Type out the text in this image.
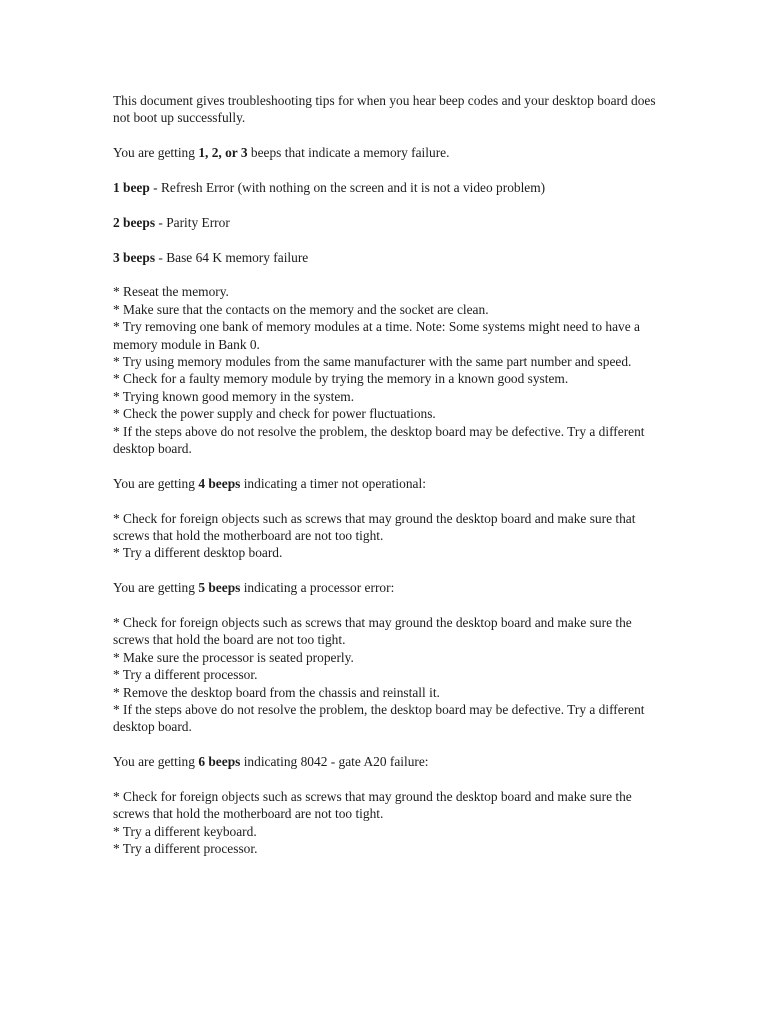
This document gives troubleshooting tips for when you hear beep codes and your desktop board does not boot up successfully.

You are getting 1, 2, or 3 beeps that indicate a memory failure.

1 beep - Refresh Error (with nothing on the screen and it is not a video problem)

2 beeps - Parity Error

3 beeps - Base 64 K memory failure

* Reseat the memory.
* Make sure that the contacts on the memory and the socket are clean.
* Try removing one bank of memory modules at a time. Note: Some systems might need to have a memory module in Bank 0.
* Try using memory modules from the same manufacturer with the same part number and speed.
* Check for a faulty memory module by trying the memory in a known good system.
* Trying known good memory in the system.
* Check the power supply and check for power fluctuations.
* If the steps above do not resolve the problem, the desktop board may be defective. Try a different desktop board.

You are getting 4 beeps indicating a timer not operational:

* Check for foreign objects such as screws that may ground the desktop board and make sure that screws that hold the motherboard are not too tight.
* Try a different desktop board.

You are getting 5 beeps indicating a processor error:

* Check for foreign objects such as screws that may ground the desktop board and make sure the screws that hold the board are not too tight.
* Make sure the processor is seated properly.
* Try a different processor.
* Remove the desktop board from the chassis and reinstall it.
* If the steps above do not resolve the problem, the desktop board may be defective. Try a different desktop board.

You are getting 6 beeps indicating 8042 - gate A20 failure:

* Check for foreign objects such as screws that may ground the desktop board and make sure the screws that hold the motherboard are not too tight.
* Try a different keyboard.
* Try a different processor.
